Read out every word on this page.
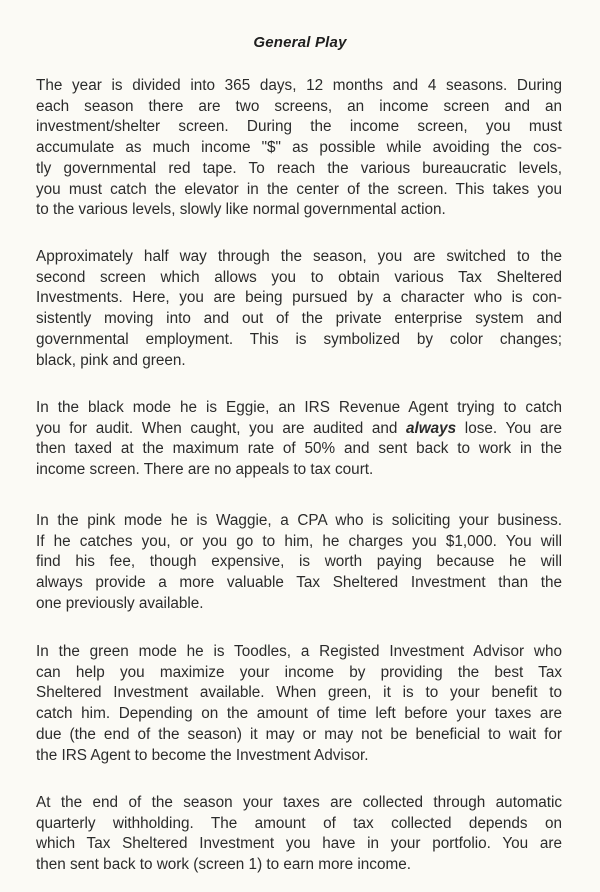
General Play
The year is divided into 365 days, 12 months and 4 seasons. During
each season there are two screens, an income screen and an
investment/shelter screen. During the income screen, you must
accumulate as much income "$" as possible while avoiding the cos-
tly governmental red tape. To reach the various bureaucratic levels,
you must catch the elevator in the center of the screen. This takes you
to the various levels, slowly like normal governmental action.
Approximately half way through the season, you are switched to the
second screen which allows you to obtain various Tax Sheltered
Investments. Here, you are being pursued by a character who is con-
sistently moving into and out of the private enterprise system and
governmental employment. This is symbolized by color changes;
black, pink and green.
In the black mode he is Eggie, an IRS Revenue Agent trying to catch
you for audit. When caught, you are audited and always lose. You are
then taxed at the maximum rate of 50% and sent back to work in the
income screen. There are no appeals to tax court.
In the pink mode he is Waggie, a CPA who is soliciting your business.
If he catches you, or you go to him, he charges you $1,000. You will
find his fee, though expensive, is worth paying because he will
always provide a more valuable Tax Sheltered Investment than the
one previously available.
In the green mode he is Toodles, a Registed Investment Advisor who
can help you maximize your income by providing the best Tax
Sheltered Investment available. When green, it is to your benefit to
catch him. Depending on the amount of time left before your taxes are
due (the end of the season) it may or may not be beneficial to wait for
the IRS Agent to become the Investment Advisor.
At the end of the season your taxes are collected through automatic
quarterly withholding. The amount of tax collected depends on
which Tax Sheltered Investment you have in your portfolio. You are
then sent back to work (screen 1) to earn more income.
